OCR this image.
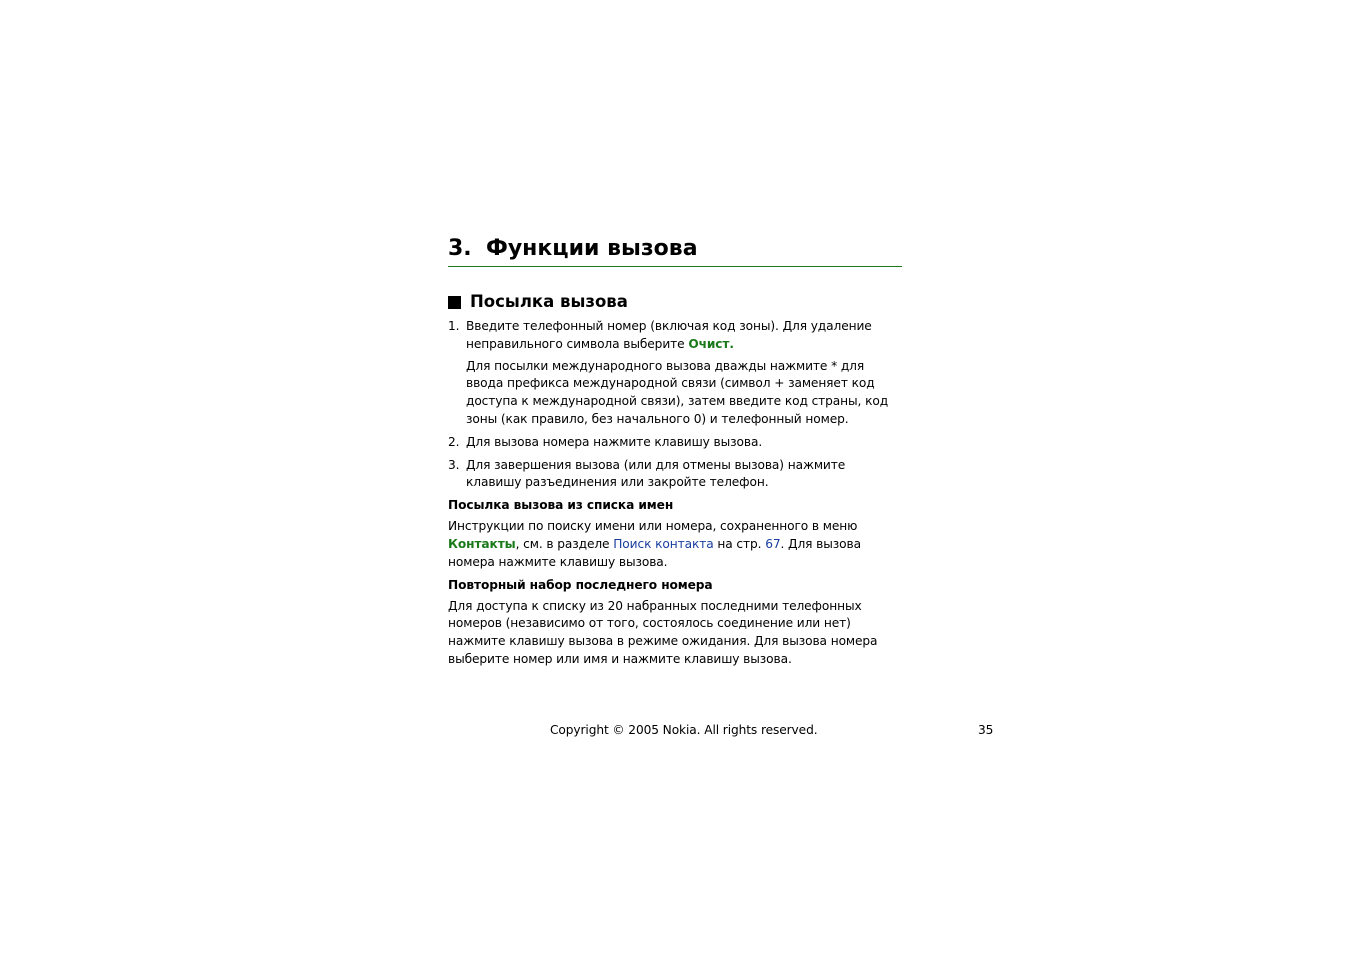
3. Функции вызова
Посылка вызова
1. Введите телефонный номер (включая код зоны). Для удаление неправильного символа выберите Очист.

Для посылки международного вызова дважды нажмите * для ввода префикса международной связи (символ + заменяет код доступа к международной связи), затем введите код страны, код зоны (как правило, без начального 0) и телефонный номер.

2. Для вызова номера нажмите клавишу вызова.

3. Для завершения вызова (или для отмены вызова) нажмите клавишу разъединения или закройте телефон.

Посылка вызова из списка имен

Инструкции по поиску имени или номера, сохраненного в меню Контакты, см. в разделе Поиск контакта на стр. 67. Для вызова номера нажмите клавишу вызова.

Повторный набор последнего номера

Для доступа к списку из 20 набранных последними телефонных номеров (независимо от того, состоялось соединение или нет) нажмите клавишу вызова в режиме ожидания. Для вызова номера выберите номер или имя и нажмите клавишу вызова.

Copyright © 2005 Nokia. All rights reserved.	35
